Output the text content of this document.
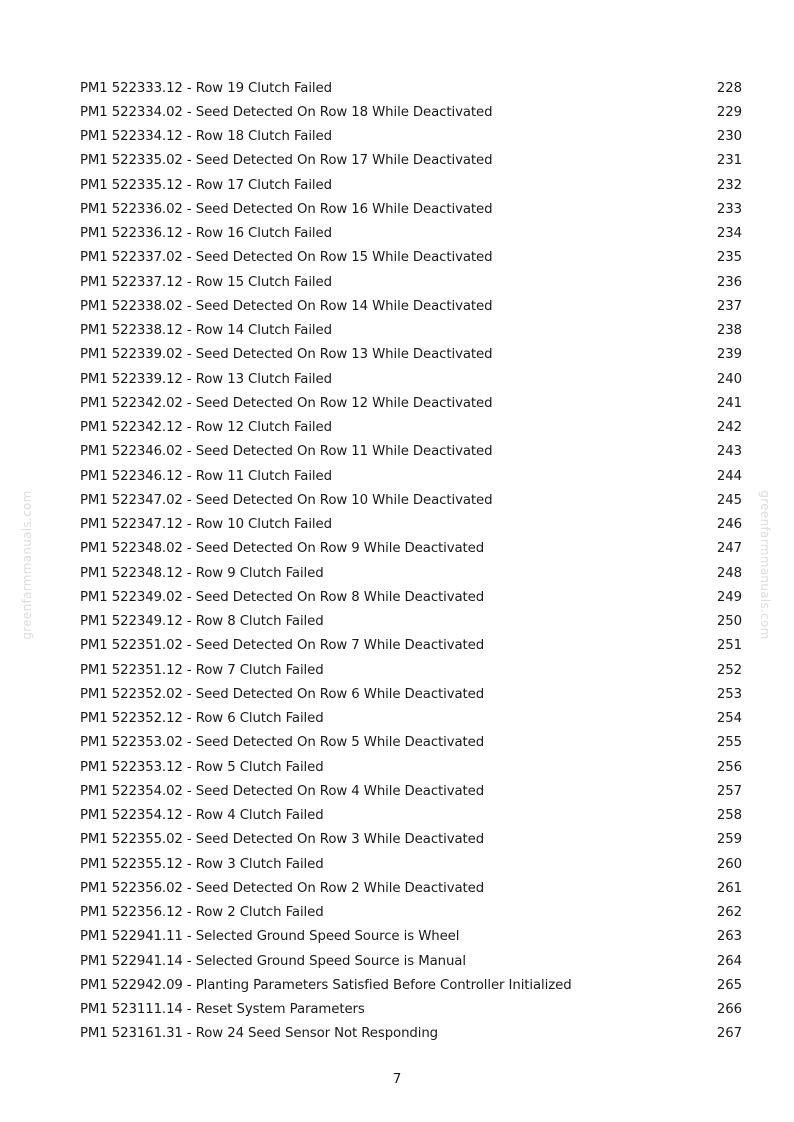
greenfarmmanuals.com	greenfarmmanuals.com
PM1 522333.12 - Row 19 Clutch Failed	228
PM1 522334.02 - Seed Detected On Row 18 While Deactivated	229
PM1 522334.12 - Row 18 Clutch Failed	230
PM1 522335.02 - Seed Detected On Row 17 While Deactivated	231
PM1 522335.12 - Row 17 Clutch Failed	232
PM1 522336.02 - Seed Detected On Row 16 While Deactivated	233
PM1 522336.12 - Row 16 Clutch Failed	234
PM1 522337.02 - Seed Detected On Row 15 While Deactivated	235
PM1 522337.12 - Row 15 Clutch Failed	236
PM1 522338.02 - Seed Detected On Row 14 While Deactivated	237
PM1 522338.12 - Row 14 Clutch Failed	238
PM1 522339.02 - Seed Detected On Row 13 While Deactivated	239
PM1 522339.12 - Row 13 Clutch Failed	240
PM1 522342.02 - Seed Detected On Row 12 While Deactivated	241
PM1 522342.12 - Row 12 Clutch Failed	242
PM1 522346.02 - Seed Detected On Row 11 While Deactivated	243
PM1 522346.12 - Row 11 Clutch Failed	244
PM1 522347.02 - Seed Detected On Row 10 While Deactivated	245
PM1 522347.12 - Row 10 Clutch Failed	246
PM1 522348.02 - Seed Detected On Row 9 While Deactivated	247
PM1 522348.12 - Row 9 Clutch Failed	248
PM1 522349.02 - Seed Detected On Row 8 While Deactivated	249
PM1 522349.12 - Row 8 Clutch Failed	250
PM1 522351.02 - Seed Detected On Row 7 While Deactivated	251
PM1 522351.12 - Row 7 Clutch Failed	252
PM1 522352.02 - Seed Detected On Row 6 While Deactivated	253
PM1 522352.12 - Row 6 Clutch Failed	254
PM1 522353.02 - Seed Detected On Row 5 While Deactivated	255
PM1 522353.12 - Row 5 Clutch Failed	256
PM1 522354.02 - Seed Detected On Row 4 While Deactivated	257
PM1 522354.12 - Row 4 Clutch Failed	258
PM1 522355.02 - Seed Detected On Row 3 While Deactivated	259
PM1 522355.12 - Row 3 Clutch Failed	260
PM1 522356.02 - Seed Detected On Row 2 While Deactivated	261
PM1 522356.12 - Row 2 Clutch Failed	262
PM1 522941.11 - Selected Ground Speed Source is Wheel	263
PM1 522941.14 - Selected Ground Speed Source is Manual	264
PM1 522942.09 - Planting Parameters Satisfied Before Controller Initialized	265
PM1 523111.14 - Reset System Parameters	266
PM1 523161.31 - Row 24 Seed Sensor Not Responding	267
7
